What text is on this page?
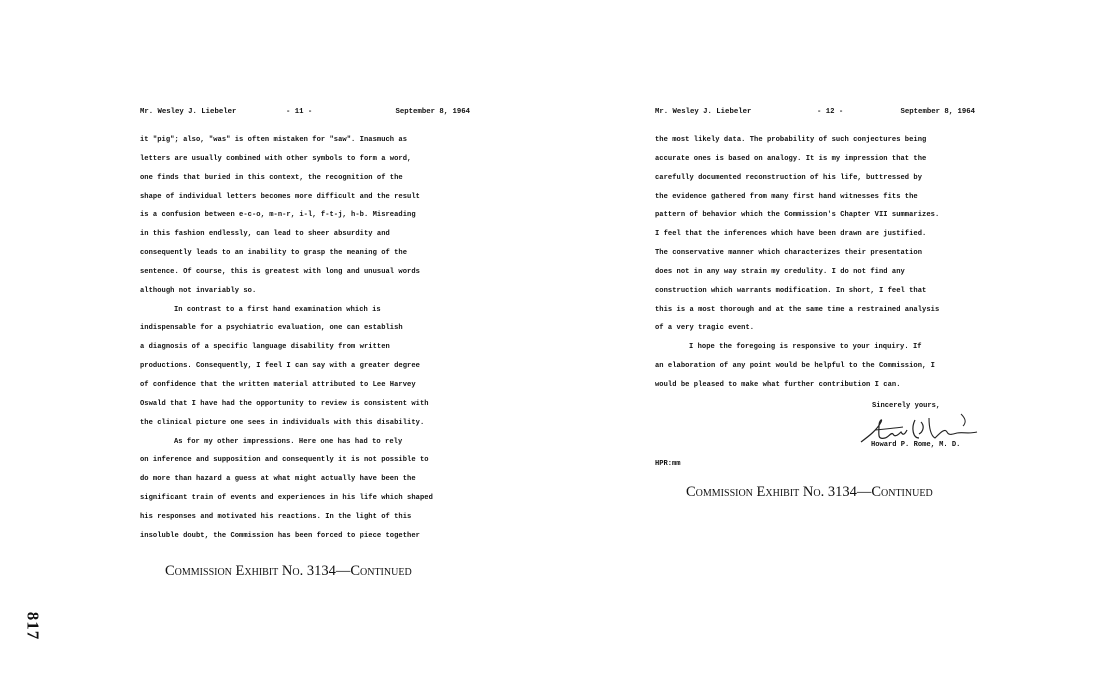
Mr. Wesley J. Liebeler	- 11 -	September 8, 1964
it "pig"; also, "was" is often mistaken for "saw". Inasmuch as
letters are usually combined with other symbols to form a word,
one finds that buried in this context, the recognition of the
shape of individual letters becomes more difficult and the result
is a confusion between e-c-o, m-n-r, i-l, f-t-j, h-b. Misreading
in this fashion endlessly, can lead to sheer absurdity and
consequently leads to an inability to grasp the meaning of the
sentence. Of course, this is greatest with long and unusual words
although not invariably so.
In contrast to a first hand examination which is
indispensable for a psychiatric evaluation, one can establish
a diagnosis of a specific language disability from written
productions. Consequently, I feel I can say with a greater degree
of confidence that the written material attributed to Lee Harvey
Oswald that I have had the opportunity to review is consistent with
the clinical picture one sees in individuals with this disability.
As for my other impressions. Here one has had to rely
on inference and supposition and consequently it is not possible to
do more than hazard a guess at what might actually have been the
significant train of events and experiences in his life which shaped
his responses and motivated his reactions. In the light of this
insoluble doubt, the Commission has been forced to piece together
Commission Exhibit No. 3134—Continued
Mr. Wesley J. Liebeler	- 12 -	September 8, 1964
the most likely data. The probability of such conjectures being
accurate ones is based on analogy. It is my impression that the
carefully documented reconstruction of his life, buttressed by
the evidence gathered from many first hand witnesses fits the
pattern of behavior which the Commission's Chapter VII summarizes.
I feel that the inferences which have been drawn are justified.
The conservative manner which characterizes their presentation
does not in any way strain my credulity. I do not find any
construction which warrants modification. In short, I feel that
this is a most thorough and at the same time a restrained analysis
of a very tragic event.
I hope the foregoing is responsive to your inquiry. If
an elaboration of any point would be helpful to the Commission, I
would be pleased to make what further contribution I can.
Sincerely yours,
Howard P. Rome, M. D.
HPR:mm
Commission Exhibit No. 3134—Continued
817
